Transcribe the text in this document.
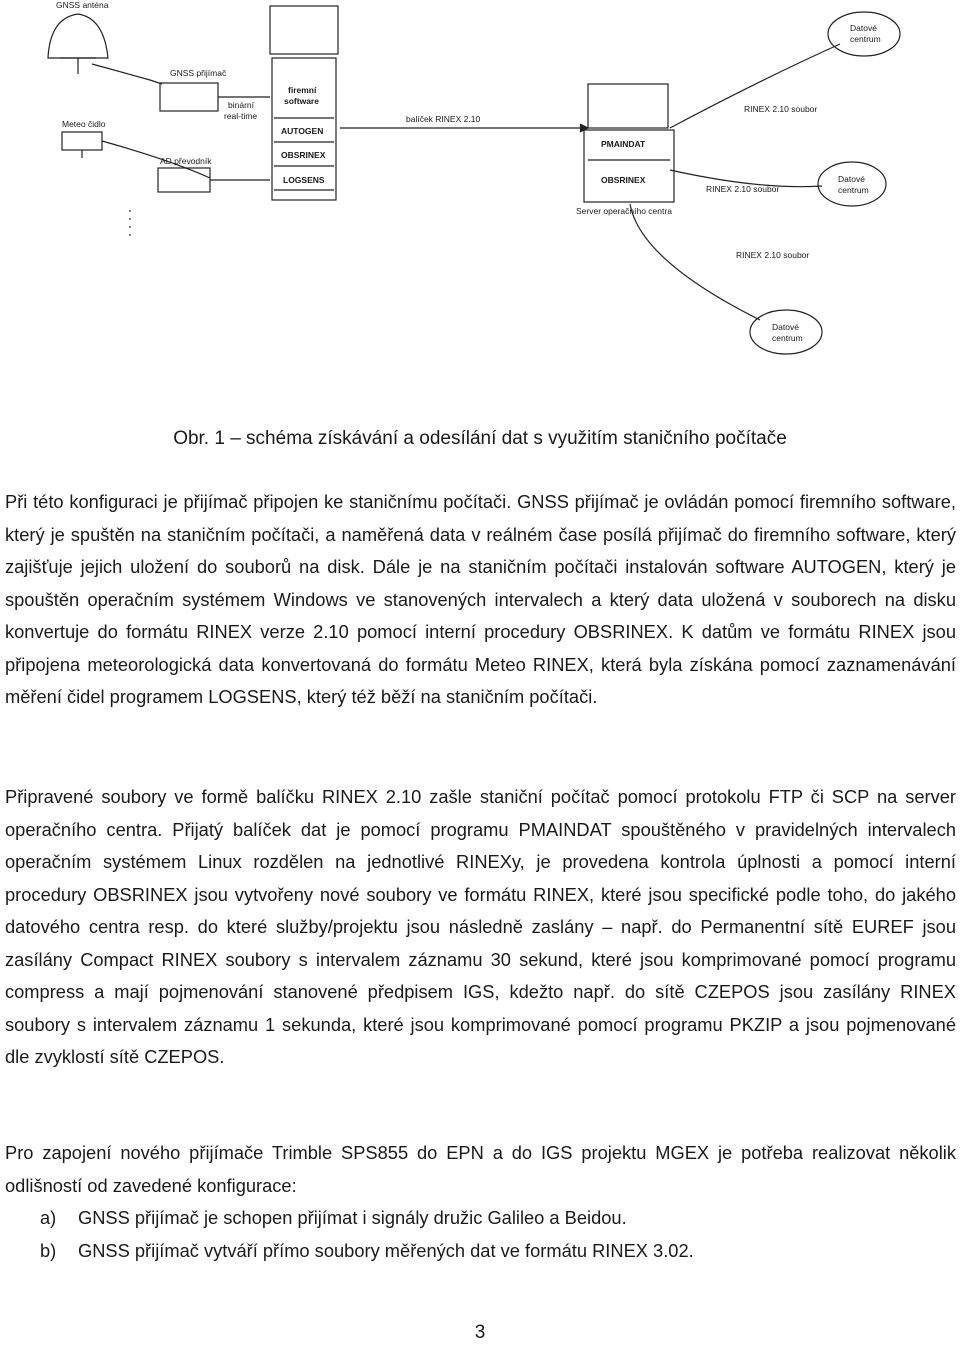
GNSS anténa
GNSS přijímač
Meteo čidlo
binární
real-time
AD převodník
firemní
software
AUTOGEN
OBSRINEX
LOGSENS
balíček RINEX 2.10
PMAINDAT
OBSRINEX
Server operačního centra
RINEX 2.10 soubor
RINEX 2.10 soubor
RINEX 2.10 soubor
Datové
centrum
Datové
centrum
Datové
centrum
Obr. 1 – schéma získávání a odesílání dat s využitím staničního počítače

Při této konfiguraci je přijímač připojen ke staničnímu počítači. GNSS přijímač je ovládán pomocí firemního software, který je spuštěn na staničním počítači, a naměřená data v reálném čase posílá přijímač do firemního software, který zajišťuje jejich uložení do souborů na disk. Dále je na staničním počítači instalován software AUTOGEN, který je spouštěn operačním systémem Windows ve stanovených intervalech a který data uložená v souborech na disku konvertuje do formátu RINEX verze 2.10 pomocí interní procedury OBSRINEX. K datům ve formátu RINEX jsou připojena meteorologická data konvertovaná do formátu Meteo RINEX, která byla získána pomocí zaznamenávání měření čidel programem LOGSENS, který též běží na staničním počítači.

Připravené soubory ve formě balíčku RINEX 2.10 zašle staniční počítač pomocí protokolu FTP či SCP na server operačního centra. Přijatý balíček dat je pomocí programu PMAINDAT spouštěného v pravidelných intervalech operačním systémem Linux rozdělen na jednotlivé RINEXy, je provedena kontrola úplnosti a pomocí interní procedury OBSRINEX jsou vytvořeny nové soubory ve formátu RINEX, které jsou specifické podle toho, do jakého datového centra resp. do které služby/projektu jsou následně zaslány – např. do Permanentní sítě EUREF jsou zasílány Compact RINEX soubory s intervalem záznamu 30 sekund, které jsou komprimované pomocí programu compress a mají pojmenování stanovené předpisem IGS, kdežto např. do sítě CZEPOS jsou zasílány RINEX soubory s intervalem záznamu 1 sekunda, které jsou komprimované pomocí programu PKZIP a jsou pojmenované dle zvyklostí sítě CZEPOS.

Pro zapojení nového přijímače Trimble SPS855 do EPN a do IGS projektu MGEX je potřeba realizovat několik odlišností od zavedené konfigurace:

a)	GNSS přijímač je schopen přijímat i signály družic Galileo a Beidou.
b)	GNSS přijímač vytváří přímo soubory měřených dat ve formátu RINEX 3.02.
3
